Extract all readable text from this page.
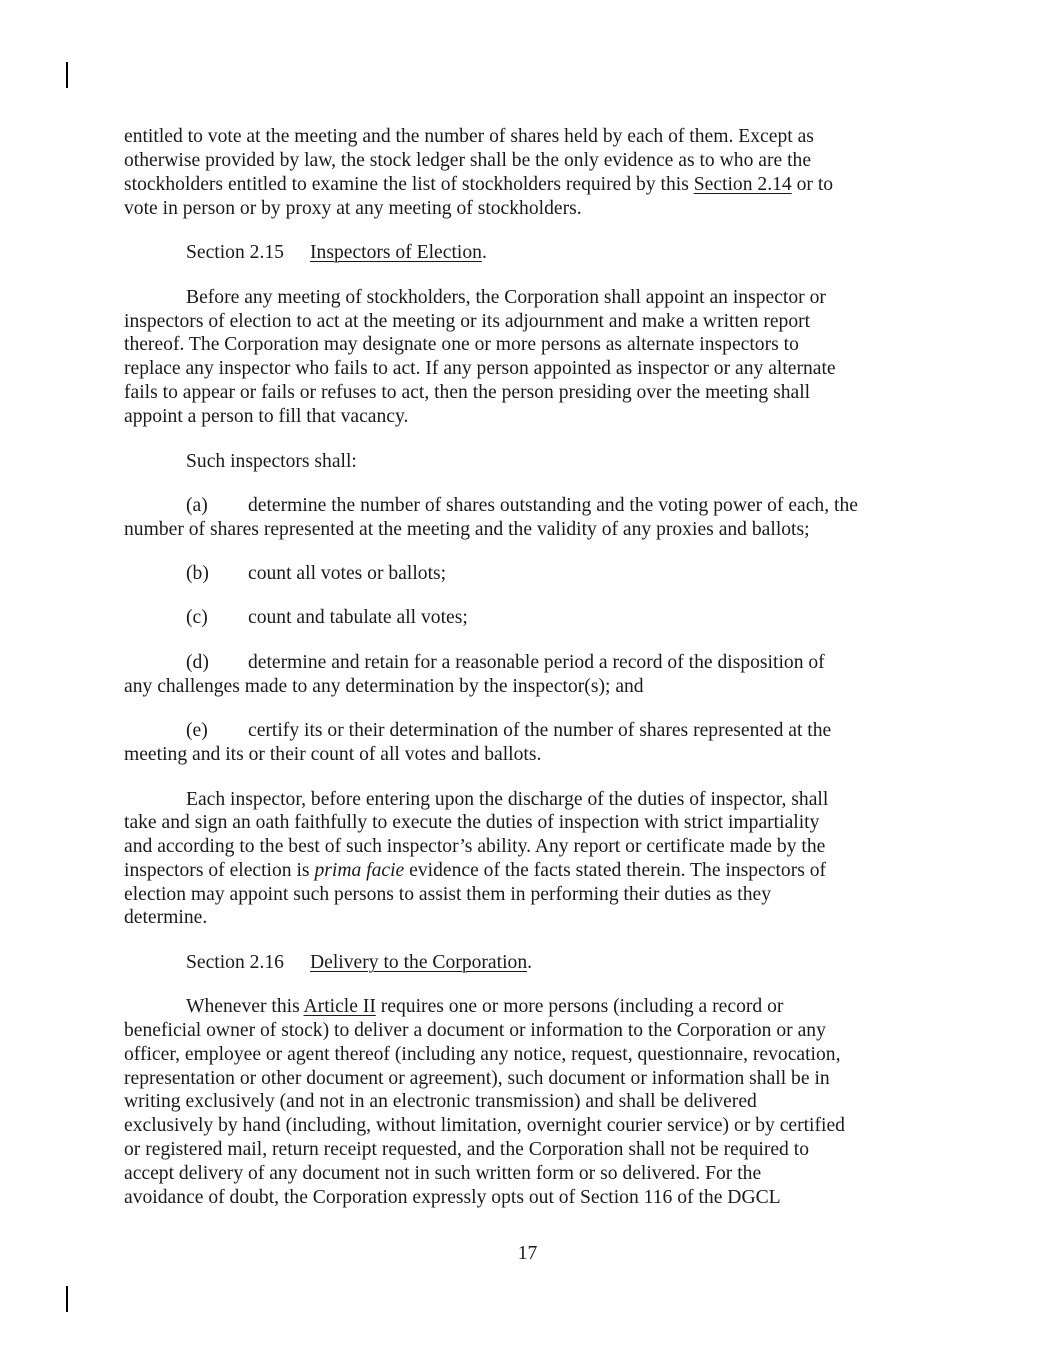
entitled to vote at the meeting and the number of shares held by each of them. Except as
otherwise provided by law, the stock ledger shall be the only evidence as to who are the
stockholders entitled to examine the list of stockholders required by this Section 2.14 or to
vote in person or by proxy at any meeting of stockholders.
Section 2.15 Inspectors of Election.
Before any meeting of stockholders, the Corporation shall appoint an inspector or
inspectors of election to act at the meeting or its adjournment and make a written report
thereof. The Corporation may designate one or more persons as alternate inspectors to
replace any inspector who fails to act. If any person appointed as inspector or any alternate
fails to appear or fails or refuses to act, then the person presiding over the meeting shall
appoint a person to fill that vacancy.
Such inspectors shall:
(a) determine the number of shares outstanding and the voting power of each, the
number of shares represented at the meeting and the validity of any proxies and ballots;
(b) count all votes or ballots;
(c) count and tabulate all votes;
(d) determine and retain for a reasonable period a record of the disposition of
any challenges made to any determination by the inspector(s); and
(e) certify its or their determination of the number of shares represented at the
meeting and its or their count of all votes and ballots.
Each inspector, before entering upon the discharge of the duties of inspector, shall
take and sign an oath faithfully to execute the duties of inspection with strict impartiality
and according to the best of such inspector’s ability. Any report or certificate made by the
inspectors of election is prima facie evidence of the facts stated therein. The inspectors of
election may appoint such persons to assist them in performing their duties as they
determine.
Section 2.16 Delivery to the Corporation.
Whenever this Article II requires one or more persons (including a record or
beneficial owner of stock) to deliver a document or information to the Corporation or any
officer, employee or agent thereof (including any notice, request, questionnaire, revocation,
representation or other document or agreement), such document or information shall be in
writing exclusively (and not in an electronic transmission) and shall be delivered
exclusively by hand (including, without limitation, overnight courier service) or by certified
or registered mail, return receipt requested, and the Corporation shall not be required to
accept delivery of any document not in such written form or so delivered. For the
avoidance of doubt, the Corporation expressly opts out of Section 116 of the DGCL
17
